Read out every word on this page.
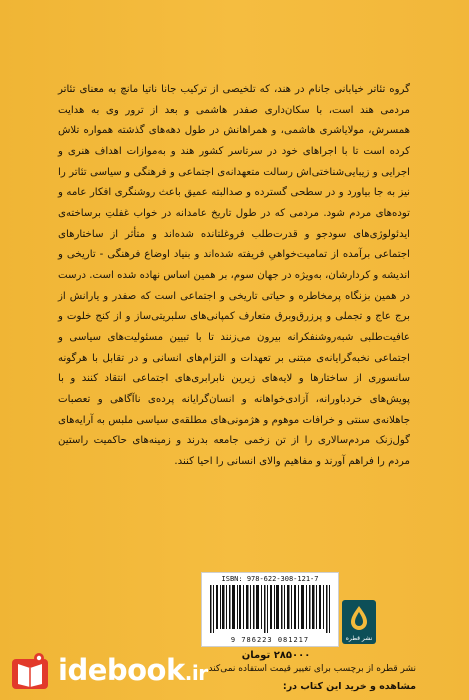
گروه تئاتر خیابانی جانام در هند، که تلخیصی از ترکیب جانا ناتیا مانچ به معنای تئاتر مردمی هند است، با سکان‌داری صفدر هاشمی و بعد از ترور وی به هدایت همسرش، مولایاشری هاشمی، و همراهانش در طول دهه‌های گذشته همواره تلاش کرده است تا با اجراهای خود در سرتاسر کشور هند و به‌موازات اهداف هنری و اجرایی و زیبایی‌شناختی‌اش رسالت متعهدانه‌ی اجتماعی و فرهنگی و سیاسی تئاتر را نیز به جا بیاورد و در سطحی گسترده و صدالبته عمیق باعث روشنگری افکار عامه و توده‌های مردم شود. مردمی که در طول تاریخ عامدانه در خواب غفلتِ برساخته‌ی ایدئولوژی‌های سودجو و قدرت‌طلب فروغلتانده شده‌اند و متأثر از ساختارهای اجتماعی برآمده از تمامیت‌خواهیِ فریفته شده‌اند و بنیاد اوضاع فرهنگی - تاریخی و اندیشه و کردارشان، به‌ویژه در جهان سوم، بر همین اساس نهاده شده است. درست در همین بزنگاه پرمخاطره و حیاتی تاریخی و اجتماعی است که صفدر و یارانش از برج عاج و تجملی و پرزرق‌وبرق متعارف کمپانی‌های سلبریتی‌ساز و از کنج خلوت و عافیت‌طلبی شبه‌روشنفکرانه بیرون می‌زنند تا با تبیین مسئولیت‌های سیاسی و اجتماعی نخبه‌گرایانه‌ی مبتنی بر تعهدات و التزام‌های انسانی و در تقابل با هرگونه سانسوری از ساختارها و لایه‌های زیرین نابرابری‌های اجتماعی انتقاد کنند و با پویش‌های خردباورانه، آزادی‌خواهانه و انسان‌گرایانه پرده‌ی ناآگاهی و تعصبات جاهلانه‌ی سنتی و خرافات موهوم و هژمونی‌های مطلقه‌ی سیاسی ملبس به آرایه‌های گول‌زنک مردم‌سالاری را از تن زخمی جامعه بدرند و زمینه‌های حاکمیت راستین مردم را فراهم آورند و مفاهیم والای انسانی را احیا کنند.
ISBN: 978-622-308-121-7
9 786223 081217	نشر قطره
۲۸۵۰۰۰ تومان
نشر قطره از برچسب برای تغییر قیمت استفاده نمی‌کند.
مشاهده و خرید این کتاب در:
idebook.ir
